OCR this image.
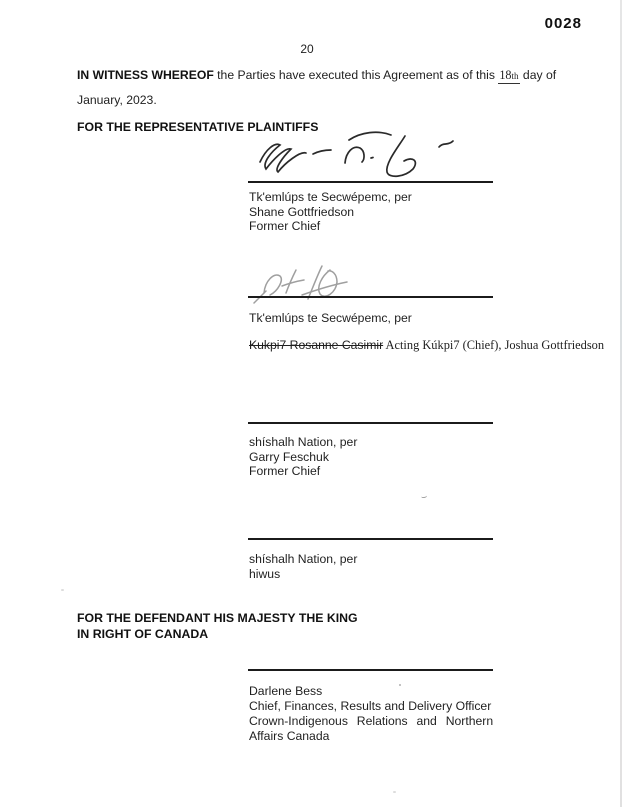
0028
20
IN WITNESS WHEREOF the Parties have executed this Agreement as of this 18th day of
January, 2023.
FOR THE REPRESENTATIVE PLAINTIFFS
Tk'emlúps te Secwépemc, per
Shane Gottfriedson
Former Chief
Tk'emlúps te Secwépemc, per
Kukpi7 Rosanne Casimir Acting Kúkpi7 (Chief), Joshua Gottfriedson
shíshalh Nation, per
Garry Feschuk
Former Chief
shíshalh Nation, per
hiwus
FOR THE DEFENDANT HIS MAJESTY THE KING
IN RIGHT OF CANADA
Darlene Bess
Chief, Finances, Results and Delivery Officer
Crown-Indigenous Relations and Northern
Affairs Canada
